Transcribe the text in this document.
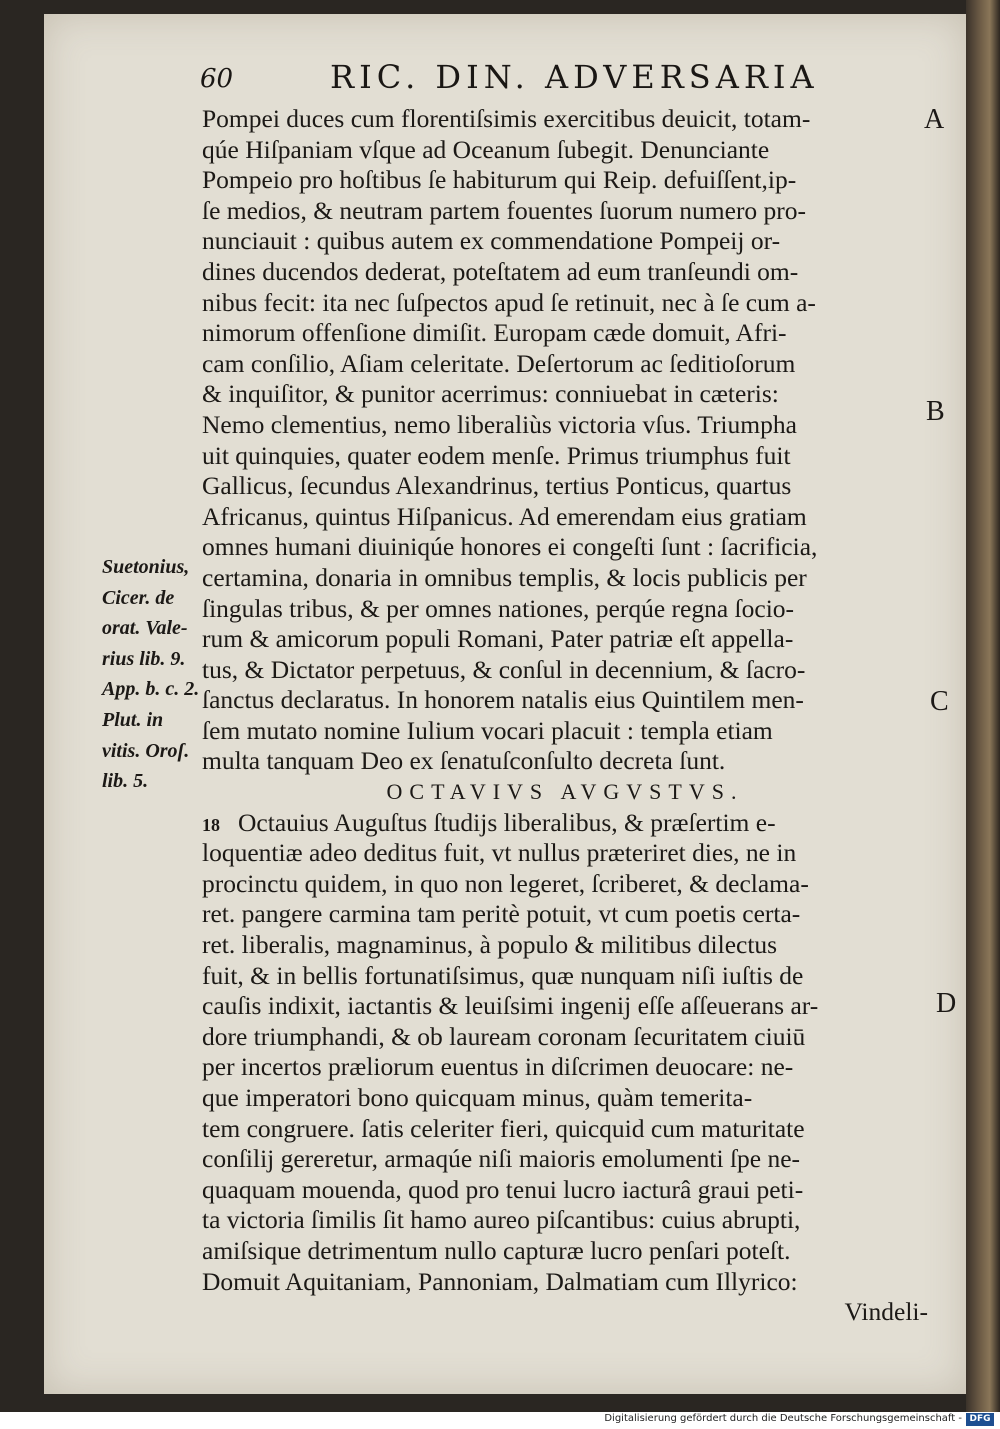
60	RIC. DIN. ADVERSARIA
Pompei duces cum florentiſsimis exercitibus deuicit, totam-
qúe Hiſpaniam vſque ad Oceanum ſubegit. Denunciante
Pompeio pro hoſtibus ſe habiturum qui Reip. defuiſſent,ip-
ſe medios, & neutram partem fouentes ſuorum numero pro-
nunciauit : quibus autem ex commendatione Pompeij or-
dines ducendos dederat, poteſtatem ad eum tranſeundi om-
nibus fecit: ita nec ſuſpectos apud ſe retinuit, nec à ſe cum a-
nimorum offenſione dimiſit. Europam cæde domuit, Afri-
cam conſilio, Aſiam celeritate. Deſertorum ac ſeditioſorum
& inquiſitor, & punitor acerrimus: conniuebat in cæteris:
Nemo clementius, nemo liberaliùs victoria vſus. Triumpha
uit quinquies, quater eodem menſe. Primus triumphus fuit
Gallicus, ſecundus Alexandrinus, tertius Ponticus, quartus
Africanus, quintus Hiſpanicus. Ad emerendam eius gratiam
omnes humani diuiniqúe honores ei congeſti ſunt : ſacrificia,
certamina, donaria in omnibus templis, & locis publicis per
ſingulas tribus, & per omnes nationes, perqúe regna ſocio-
rum & amicorum populi Romani, Pater patriæ eſt appella-
tus, & Dictator perpetuus, & conſul in decennium, & ſacro-
ſanctus declaratus. In honorem natalis eius Quintilem men-
ſem mutato nomine Iulium vocari placuit : templa etiam
multa tanquam Deo ex ſenatuſconſulto decreta ſunt.
OCTAVIVS AVGVSTVS.
18 Octauius Auguſtus ſtudijs liberalibus, & præſertim e-
loquentiæ adeo deditus fuit, vt nullus præteriret dies, ne in
procinctu quidem, in quo non legeret, ſcriberet, & declama-
ret. pangere carmina tam peritè potuit, vt cum poetis certa-
ret. liberalis, magnaminus, à populo & militibus dilectus
fuit, & in bellis fortunatiſsimus, quæ nunquam niſi iuſtis de
cauſis indixit, iactantis & leuiſsimi ingenij eſſe aſſeuerans ar-
dore triumphandi, & ob lauream coronam ſecuritatem ciuiū
per incertos præliorum euentus in diſcrimen deuocare: ne-
que imperatori bono quicquam minus, quàm temerita-
tem congruere. ſatis celeriter fieri, quicquid cum maturitate
conſilij gereretur, armaqúe niſi maioris emolumenti ſpe ne-
quaquam mouenda, quod pro tenui lucro iacturâ graui peti-
ta victoria ſimilis ſit hamo aureo piſcantibus: cuius abrupti,
amiſsique detrimentum nullo capturæ lucro penſari poteſt.
Domuit Aquitaniam, Pannoniam, Dalmatiam cum Illyrico:
Vindeli-
Suetonius,
Cicer. de
orat. Vale-
rius lib. 9.
App. b. c. 2.
Plut. in
vitis. Oroſ.
lib. 5.
A
B
C
D
Digitalisierung gefördert durch die Deutsche Forschungsgemeinschaft - DFG
